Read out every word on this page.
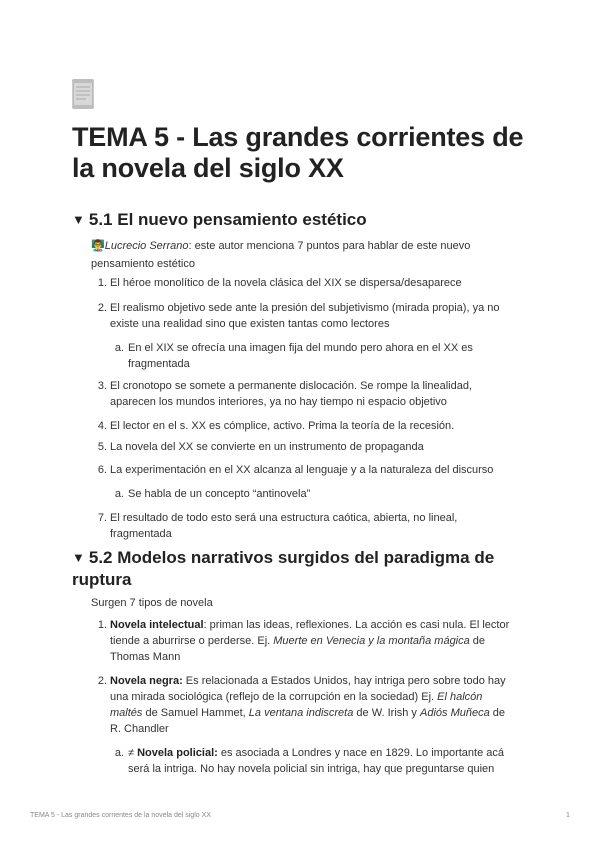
TEMA 5 - Las grandes corrientes de la novela del siglo XX
▼ 5.1 El nuevo pensamiento estético
👨‍🏫Lucrecio Serrano: este autor menciona 7 puntos para hablar de este nuevo
pensamiento estético
1. El héroe monolítico de la novela clásica del XIX se dispersa/desaparece
2. El realismo objetivo sede ante la presión del subjetivismo (mirada propia), ya no
existe una realidad sino que existen tantas como lectores
a. En el XIX se ofrecía una imagen fija del mundo pero ahora en el XX es
fragmentada
3. El cronotopo se somete a permanente dislocación. Se rompe la linealidad,
aparecen los mundos interiores, ya no hay tiempo ni espacio objetivo
4. El lector en el s. XX es cómplice, activo. Prima la teoría de la recesión.
5. La novela del XX se convierte en un instrumento de propaganda
6. La experimentación en el XX alcanza al lenguaje y a la naturaleza del discurso
a. Se habla de un concepto “antinovela”
7. El resultado de todo esto será una estructura caótica, abierta, no lineal,
fragmentada
▼ 5.2 Modelos narrativos surgidos del paradigma de
ruptura
Surgen 7 tipos de novela
1. Novela intelectual: priman las ideas, reflexiones. La acción es casi nula. El lector
tiende a aburrirse o perderse. Ej. Muerte en Venecia y la montaña mágica de
Thomas Mann
2. Novela negra: Es relacionada a Estados Unidos, hay intriga pero sobre todo hay
una mirada sociológica (reflejo de la corrupción en la sociedad) Ej. El halcón
maltés de Samuel Hammet, La ventana indiscreta de W. Irish y Adiós Muñeca de
R. Chandler
a. ≠ Novela policial: es asociada a Londres y nace en 1829. Lo importante acá
será la intriga. No hay novela policial sin intriga, hay que preguntarse quien
TEMA 5 - Las grandes corrientes de la novela del siglo XX	1
